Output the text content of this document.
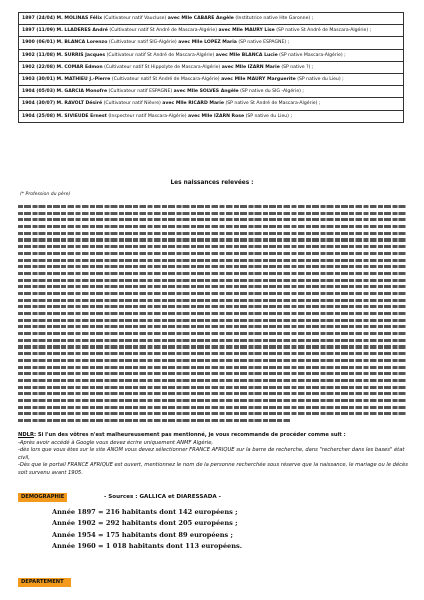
1897 (24/04) M. MOLINAS Félix (Cultivateur natif Vaucluse) avec Mlle CABARE Angèle (Institutrice native Hte Garonne) ;
1897 (11/09) M. LLADERES André (Cultivateur natif St André de Mascara-Algérie) avec Mlle MAURY Lise (SP native St André de Mascara-Algérie) ;
1900 (06/01) M. BLANCA Lorenzo (Cultivateur natif SIG-Algérie) avec Mlle LOPEZ Maria (SP native ESPAGNE) ;
1902 (11/08) M. SURRIS Jacques (Cultivateur natif St André de Mascara-Algérie) avec Mlle BLANCA Lucie (SP native Mascara-Algérie) ;
1902 (22/08) M. COMAR Edmon (Cultivateur natif St Hippolyte de Mascara-Algérie) avec Mlle IZARN Marie (SP native ?) ;
1903 (30/01) M. MATHIEU J.-Pierre (Cultivateur natif St André de Mascara-Algérie) avec Mlle MAURY Marguerite (SP native du Lieu) ;
1904 (05/03) M. GARCIA Monofre (Cultivateur natif ESPAGNE) avec Mlle SOLVES Angèle (SP native du SIG -Algérie) ;
1904 (30/07) M. RAVOLT Désiré (Cultivateur natif Nièvre) avec Mlle RICARD Marie (SP native St André de Mascara-Algérie) ;
1904 (25/08) M. SIVIEUDE Ernest (Inspecteur natif Mascara-Algérie) avec Mlle IZARN Rose (SP native du Lieu) ;
Les naissances relevées :
(* Profession du père)
NDLR: Si l'un des vôtres n'est malheureusement pas mentionné, je vous recommande de procéder comme suit :
-Après avoir accédé à Google vous devez écrire uniquement ANMF Algérie,
-dès lors que vous êtes sur le site ANOM vous devez sélectionner FRANCE AFRIQUE sur la barre de recherche, dans "rechercher dans les bases" état civil,
-Dès que le portail FRANCE AFRIQUE est ouvert, mentionnez le nom de la personne recherchée sous réserve que la naissance, le mariage ou le décès soit survenu avant 1905.
DEMOGRAPHIE	- Sources : GALLICA et DIARESSADA -
Année 1897 = 216 habitants dont 142 européens ;
Année 1902 = 292 habitants dont 205 européens ;
Année 1954 = 175 habitants dont 89 européens ;
Année 1960 = 1 018 habitants dont 113 européens.
DEPARTEMENT
